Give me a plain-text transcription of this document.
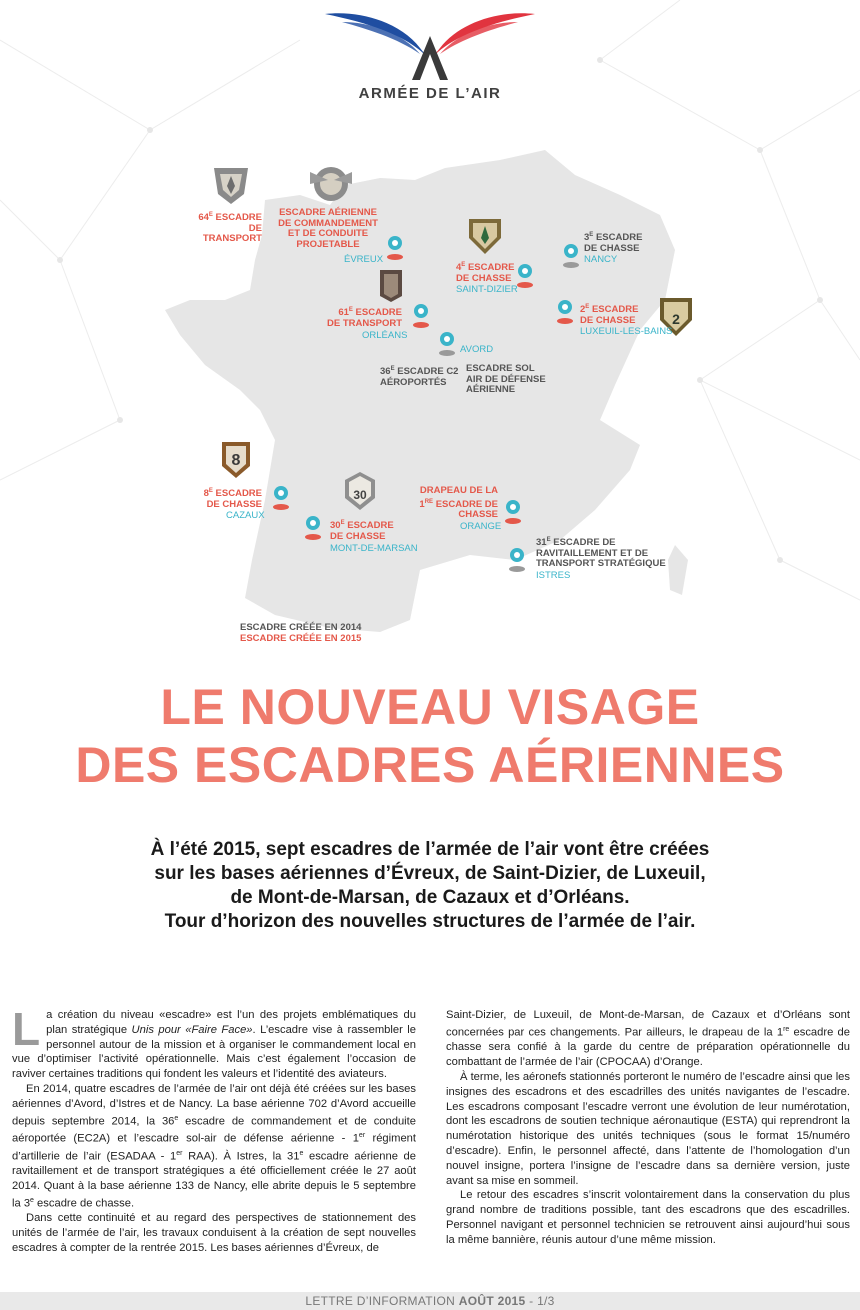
ARMÉE DE L’AIR
2
8
30
$64^E$ ESCADRE
DE TRANSPORT
ESCADRE AÉRIENNE
DE COMMANDEMENT
ET DE CONDUITE
PROJETABLE
ÉVREUX
$4^E$ ESCADRE
DE CHASSE
SAINT-DIZIER
$3^E$ ESCADRE
DE CHASSE
NANCY
$61^E$ ESCADRE
DE TRANSPORT
ORLÉANS
$2^E$ ESCADRE
DE CHASSE
LUXEUIL-LES-BAINS
AVORD
$36^E$ ESCADRE C2
AÉROPORTÉS
ESCADRE SOL
AIR DE DÉFENSE
AÉRIENNE
$8^E$ ESCADRE
DE CHASSE
CAZAUX
$30^E$ ESCADRE
DE CHASSE
MONT-DE-MARSAN
DRAPEAU DE LA
1RE ESCADRE DE
CHASSE
ORANGE
$31^E$ ESCADRE DE
RAVITAILLEMENT ET DE
TRANSPORT STRATÉGIQUE
ISTRES
ESCADRE CRÉÉE EN 2014
ESCADRE CRÉÉE EN 2015
LE NOUVEAU VISAGE
DES ESCADRES AÉRIENNES
À l’été 2015, sept escadres de l’armée de l’air vont être créées
sur les bases aériennes d’Évreux, de Saint-Dizier, de Luxeuil,
de Mont-de-Marsan, de Cazaux et d’Orléans.
Tour d’horizon des nouvelles structures de l’armée de l’air.

La création du niveau «escadre» est l’un des projets emblématiques du plan stratégique Unis pour «Faire Face». L’escadre vise à rassembler le personnel autour de la mission et à organiser le commandement local en vue d’optimiser l’activité opérationnelle. Mais c’est également l’occasion de raviver certaines traditions qui fondent les valeurs et l’identité des aviateurs.

En 2014, quatre escadres de l’armée de l’air ont déjà été créées sur les bases aériennes d’Avord, d’Istres et de Nancy. La base aérienne 702 d’Avord accueille depuis septembre 2014, la 36e escadre de commandement et de conduite aéroportée (EC2A) et l’escadre sol-air de défense aérienne - 1er régiment d’artillerie de l’air (ESADAA - 1er RAA). À Istres, la 31e escadre aérienne de ravitaillement et de transport stratégiques a été officiellement créée le 27 août 2014. Quant à la base aérienne 133 de Nancy, elle abrite depuis le 5 septembre la 3e escadre de chasse.

Dans cette continuité et au regard des perspectives de stationnement des unités de l’armée de l’air, les travaux conduisent à la création de sept nouvelles escadres à compter de la rentrée 2015. Les bases aériennes d’Évreux, de

Saint-Dizier, de Luxeuil, de Mont-de-Marsan, de Cazaux et d’Orléans sont concernées par ces changements. Par ailleurs, le drapeau de la 1re escadre de chasse sera confié à la garde du centre de préparation opérationnelle du combattant de l’armée de l’air (CPOCAA) d’Orange.

À terme, les aéronefs stationnés porteront le numéro de l’escadre ainsi que les insignes des escadrons et des escadrilles des unités navigantes de l’escadre. Les escadrons composant l’escadre verront une évolution de leur numérotation, dont les escadrons de soutien technique aéronautique (ESTA) qui reprendront la numérotation historique des unités techniques (sous le format 15/numéro d’escadre). Enfin, le personnel affecté, dans l’attente de l’homologation d’un nouvel insigne, portera l’insigne de l’escadre dans sa dernière version, juste avant sa mise en sommeil.

Le retour des escadres s’inscrit volontairement dans la conservation du plus grand nombre de traditions possible, tant des escadrons que des escadrilles. Personnel navigant et personnel technicien se retrouvent ainsi aujourd’hui sous la même bannière, réunis autour d’une même mission.

LETTRE D’INFORMATION AOÛT 2015 - 1/3
